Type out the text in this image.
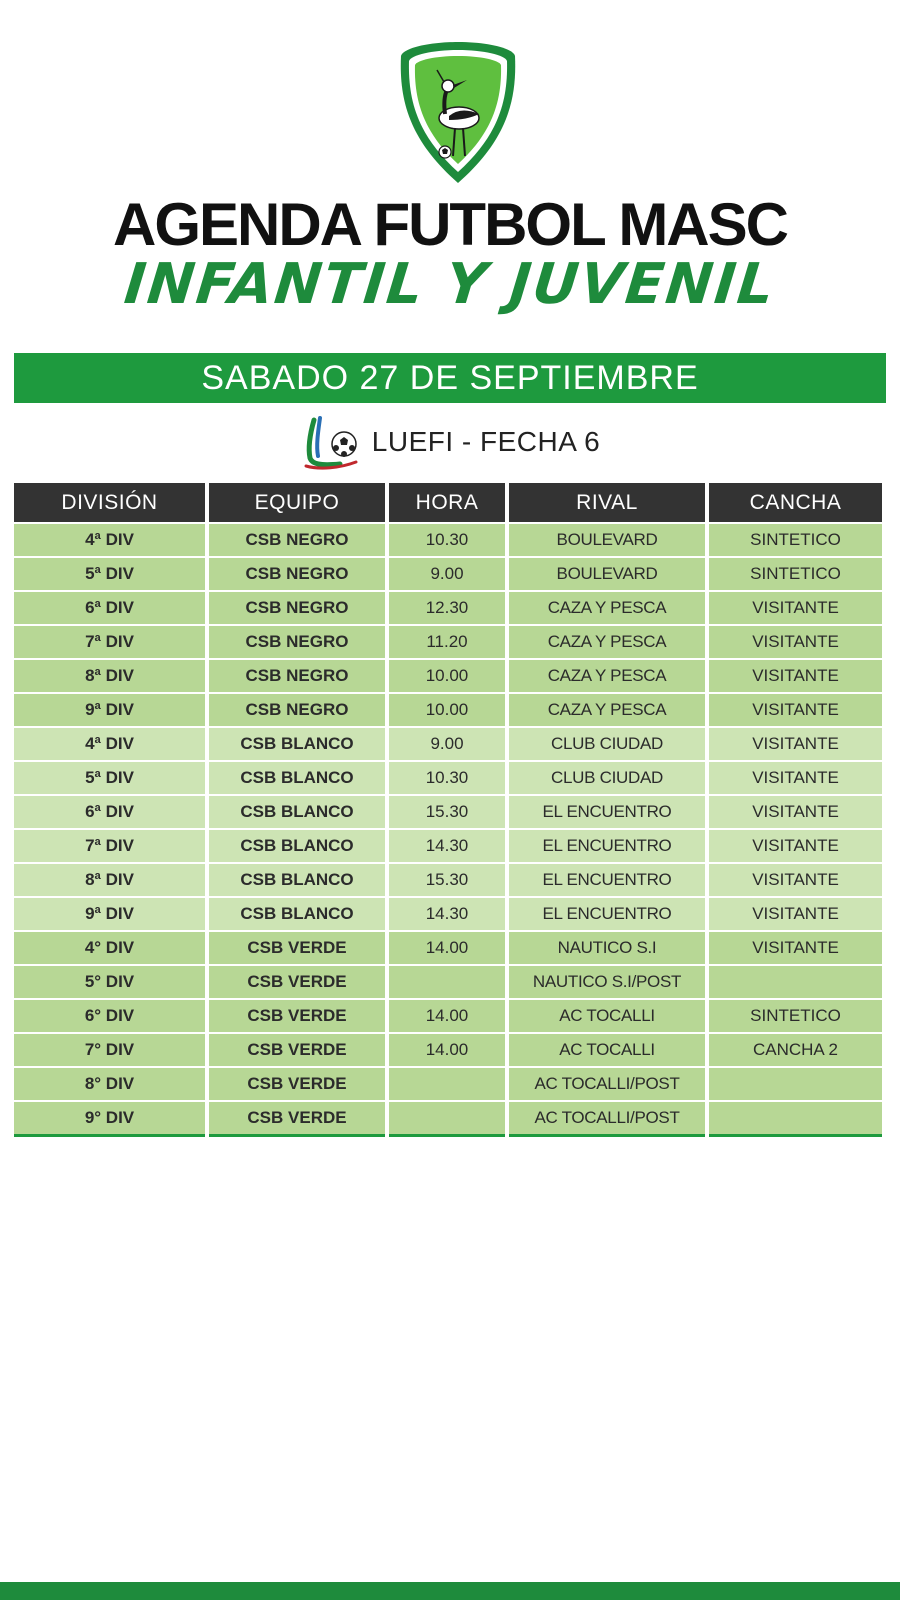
AGENDA FUTBOL MASC
INFANTIL Y JUVENIL
SABADO 27 DE SEPTIEMBRE
LUEFI - FECHA 6
DIVISIÓN	EQUIPO	HORA	RIVAL	CANCHA
4ª DIV	CSB NEGRO	10.30	BOULEVARD	SINTETICO
5ª DIV	CSB NEGRO	9.00	BOULEVARD	SINTETICO
6ª DIV	CSB NEGRO	12.30	CAZA Y PESCA	VISITANTE
7ª DIV	CSB NEGRO	11.20	CAZA Y PESCA	VISITANTE
8ª DIV	CSB NEGRO	10.00	CAZA Y PESCA	VISITANTE
9ª DIV	CSB NEGRO	10.00	CAZA Y PESCA	VISITANTE
4ª DIV	CSB BLANCO	9.00	CLUB CIUDAD	VISITANTE
5ª DIV	CSB BLANCO	10.30	CLUB CIUDAD	VISITANTE
6ª DIV	CSB BLANCO	15.30	EL ENCUENTRO	VISITANTE
7ª DIV	CSB BLANCO	14.30	EL ENCUENTRO	VISITANTE
8ª DIV	CSB BLANCO	15.30	EL ENCUENTRO	VISITANTE
9ª DIV	CSB BLANCO	14.30	EL ENCUENTRO	VISITANTE
4° DIV	CSB VERDE	14.00	NAUTICO S.I	VISITANTE
5° DIV	CSB VERDE		NAUTICO S.I/POST	
6° DIV	CSB VERDE	14.00	AC TOCALLI	SINTETICO
7° DIV	CSB VERDE	14.00	AC TOCALLI	CANCHA 2
8° DIV	CSB VERDE		AC TOCALLI/POST	
9° DIV	CSB VERDE		AC TOCALLI/POST	
